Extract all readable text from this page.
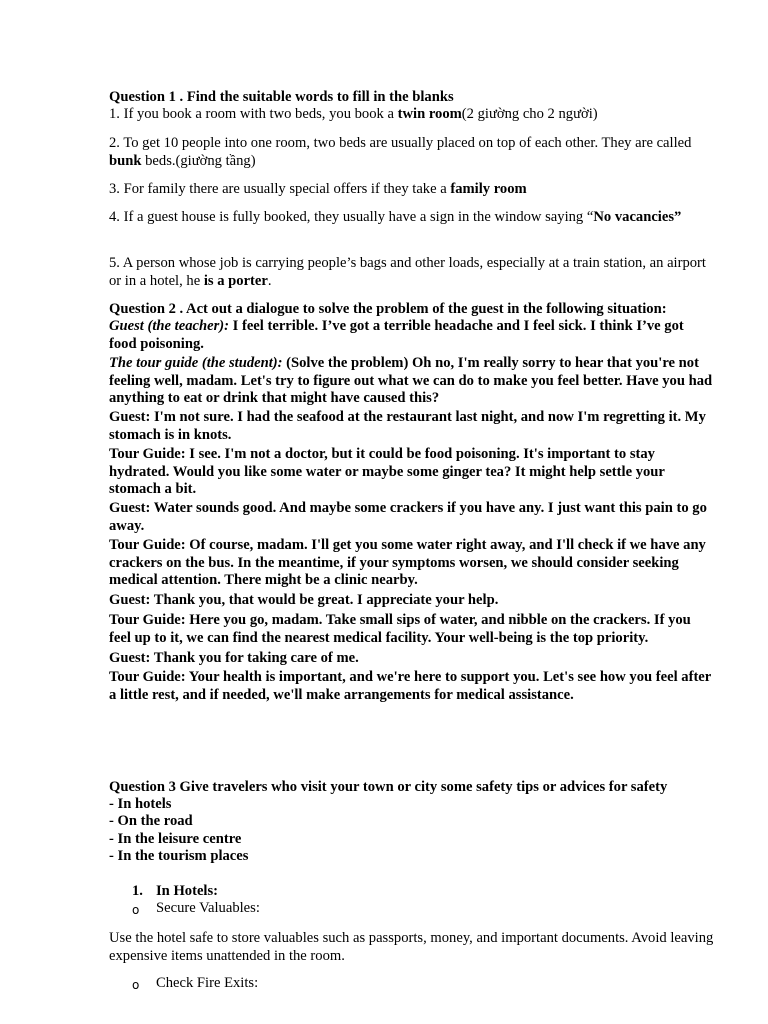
Question 1 . Find the suitable words to fill in the blanks

1. If you book a room with two beds, you book a twin room(2 giường cho 2 người)

2. To get 10 people into one room, two beds are usually placed on top of each other. They are called bunk beds.(giường tầng)

3. For family there are usually special offers if they take a family room

4. If a guest house is fully booked, they usually have a sign in the window saying “No vacancies”

5. A person whose job is carrying people’s bags and other loads, especially at a train station, an airport or in a hotel, he is a porter.

Question 2 . Act out a dialogue to solve the problem of the guest in the following situation:

Guest (the teacher): I feel terrible. I’ve got a terrible headache and I feel sick. I think I’ve got food poisoning.

The tour guide (the student): (Solve the problem) Oh no, I'm really sorry to hear that you're not feeling well, madam. Let's try to figure out what we can do to make you feel better. Have you had anything to eat or drink that might have caused this?

Guest: I'm not sure. I had the seafood at the restaurant last night, and now I'm regretting it. My stomach is in knots.

Tour Guide: I see. I'm not a doctor, but it could be food poisoning. It's important to stay hydrated. Would you like some water or maybe some ginger tea? It might help settle your stomach a bit.

Guest: Water sounds good. And maybe some crackers if you have any. I just want this pain to go away.

Tour Guide: Of course, madam. I'll get you some water right away, and I'll check if we have any crackers on the bus. In the meantime, if your symptoms worsen, we should consider seeking medical attention. There might be a clinic nearby.

Guest: Thank you, that would be great. I appreciate your help.

Tour Guide: Here you go, madam. Take small sips of water, and nibble on the crackers. If you feel up to it, we can find the nearest medical facility. Your well-being is the top priority.

Guest: Thank you for taking care of me.

Tour Guide: Your health is important, and we're here to support you. Let's see how you feel after a little rest, and if needed, we'll make arrangements for medical assistance.

Question 3 Give travelers who visit your town or city some safety tips or advices for safety

- In hotels

- On the road

- In the leisure centre

- In the tourism places

1. In Hotels:
o Secure Valuables:

Use the hotel safe to store valuables such as passports, money, and important documents. Avoid leaving expensive items unattended in the room.

o Check Fire Exits:
